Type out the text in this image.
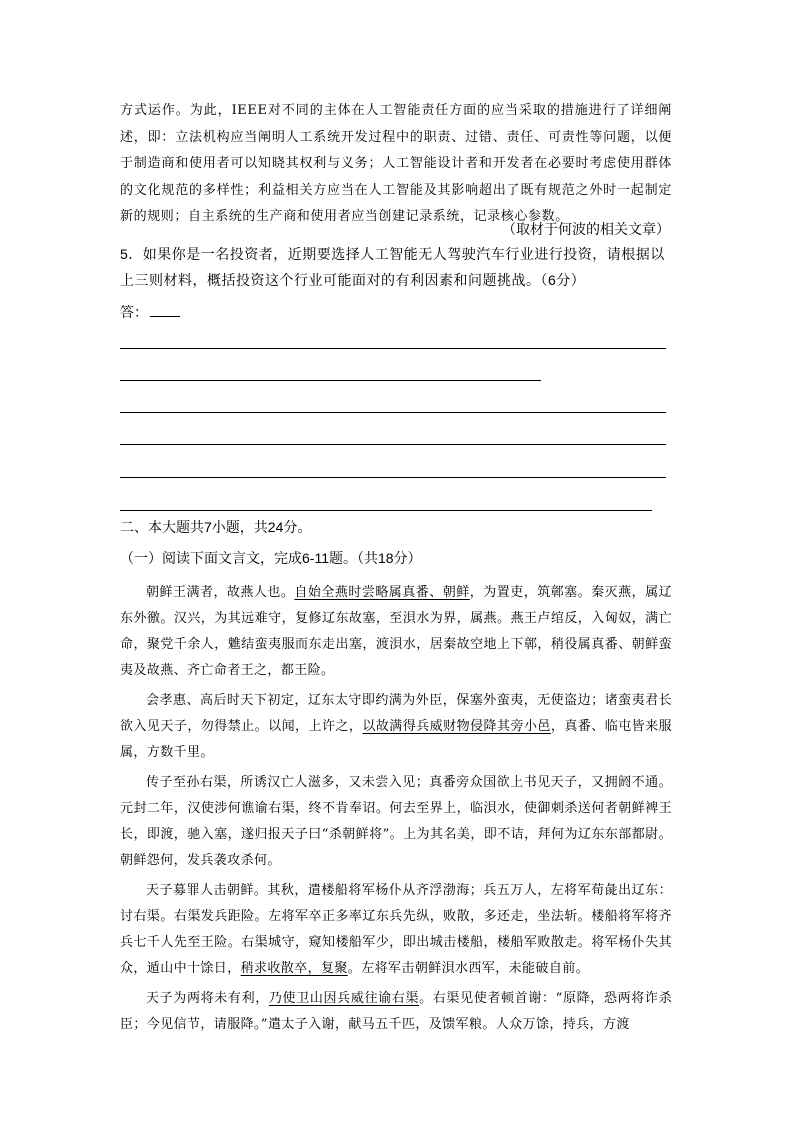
方式运作。为此，IEEE对不同的主体在人工智能责任方面的应当采取的措施进行了详细阐述，即：立法机构应当阐明人工系统开发过程中的职责、过错、责任、可责性等问题，以便于制造商和使用者可以知晓其权利与义务；人工智能设计者和开发者在必要时考虑使用群体的文化规范的多样性；利益相关方应当在人工智能及其影响超出了既有规范之外时一起制定新的规则；自主系统的生产商和使用者应当创建记录系统，记录核心参数。
（取材于何波的相关文章）
5．如果你是一名投资者，近期要选择人工智能无人驾驶汽车行业进行投资，请根据以上三则材料，概括投资这个行业可能面对的有利因素和问题挑战。（6分）
答：
二、本大题共7小题，共24分。
（一）阅读下面文言文，完成6-11题。（共18分）

朝鲜王满者，故燕人也。自始全燕时尝略属真番、朝鲜，为置吏，筑鄣塞。秦灭燕，属辽东外徼。汉兴，为其远难守，复修辽东故塞，至浿水为界，属燕。燕王卢绾反，入匈奴，满亡命，聚党千余人，魋结蛮夷服而东走出塞，渡浿水，居秦故空地上下鄣，稍役属真番、朝鲜蛮夷及故燕、齐亡命者王之，都王险。

会孝惠、高后时天下初定，辽东太守即约满为外臣，保塞外蛮夷，无使盗边；诸蛮夷君长欲入见天子，勿得禁止。以闻，上许之，以故满得兵威财物侵降其旁小邑，真番、临屯皆来服属，方数千里。

传子至孙右渠，所诱汉亡人滋多，又未尝入见；真番旁众国欲上书见天子，又拥阏不通。元封二年，汉使涉何谯谕右渠，终不肯奉诏。何去至界上，临浿水，使御刺杀送何者朝鲜裨王长，即渡，驰入塞，遂归报天子曰“杀朝鲜将”。上为其名美，即不诘，拜何为辽东东部都尉。朝鲜怨何，发兵袭攻杀何。

天子募罪人击朝鲜。其秋，遣楼船将军杨仆从齐浮渤海；兵五万人，左将军荀彘出辽东：讨右渠。右渠发兵距险。左将军卒正多率辽东兵先纵，败散，多还走，坐法斩。楼船将军将齐兵七千人先至王险。右渠城守，窥知楼船军少，即出城击楼船，楼船军败散走。将军杨仆失其众，遁山中十馀日，稍求收散卒，复聚。左将军击朝鲜浿水西军，未能破自前。

天子为两将未有利，乃使卫山因兵威往谕右渠。右渠见使者顿首谢：“原降，恐两将诈杀臣；今见信节，请服降。”遣太子入谢，献马五千匹，及馈军粮。人众万馀，持兵，方渡
